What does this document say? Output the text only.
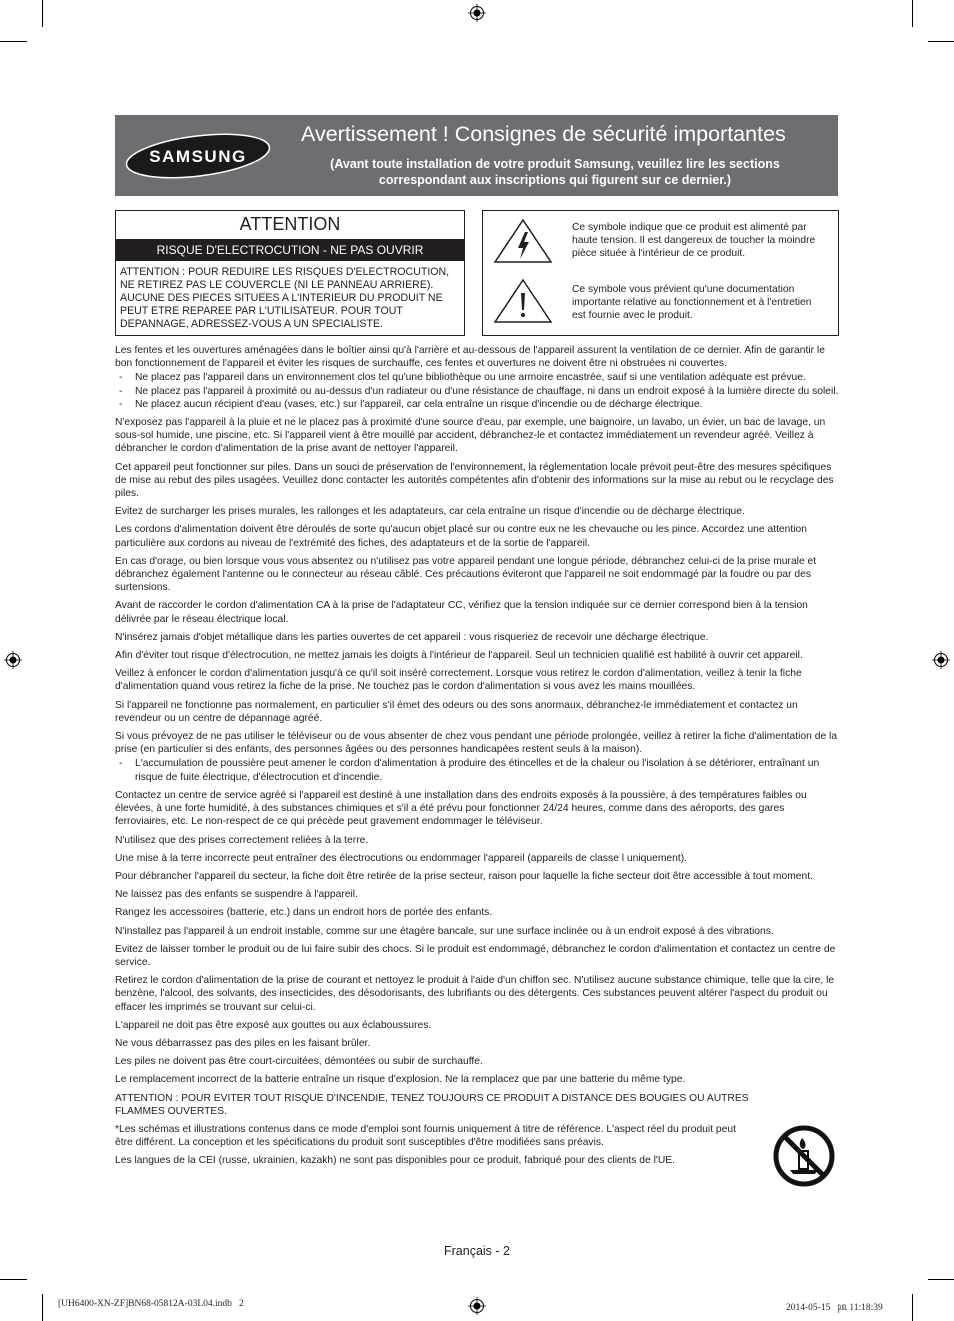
SAMSUNG
Avertissement ! Consignes de sécurité importantes
(Avant toute installation de votre produit Samsung, veuillez lire les sections
correspondant aux inscriptions qui figurent sur ce dernier.)
ATTENTION
RISQUE D'ELECTROCUTION - NE PAS OUVRIR
ATTENTION : POUR REDUIRE LES RISQUES D'ELECTROCUTION, NE RETIREZ PAS LE COUVERCLE (NI LE PANNEAU ARRIERE). AUCUNE DES PIECES SITUEES A L'INTERIEUR DU PRODUIT NE PEUT ETRE REPAREE PAR L'UTILISATEUR. POUR TOUT DEPANNAGE, ADRESSEZ-VOUS A UN SPECIALISTE.
Ce symbole indique que ce produit est alimenté par haute tension. Il est dangereux de toucher la moindre pièce située à l'intérieur de ce produit.
Ce symbole vous prévient qu'une documentation importante relative au fonctionnement et à l'entretien est fournie avec le produit.

Les fentes et les ouvertures aménagées dans le boîtier ainsi qu'à l'arrière et au-dessous de l'appareil assurent la ventilation de ce dernier. Afin de garantir le bon fonctionnement de l'appareil et éviter les risques de surchauffe, ces fentes et ouvertures ne doivent être ni obstruées ni couvertes.

- Ne placez pas l'appareil dans un environnement clos tel qu'une bibliothèque ou une armoire encastrée, sauf si une ventilation adéquate est prévue.
- Ne placez pas l'appareil à proximité ou au-dessus d'un radiateur ou d'une résistance de chauffage, ni dans un endroit exposé à la lumière directe du soleil.
- Ne placez aucun récipient d'eau (vases, etc.) sur l'appareil, car cela entraîne un risque d'incendie ou de décharge électrique.

N'exposez pas l'appareil à la pluie et ne le placez pas à proximité d'une source d'eau, par exemple, une baignoire, un lavabo, un évier, un bac de lavage, un sous-sol humide, une piscine, etc. Si l'appareil vient à être mouillé par accident, débranchez-le et contactez immédiatement un revendeur agréé. Veillez à débrancher le cordon d'alimentation de la prise avant de nettoyer l'appareil.

Cet appareil peut fonctionner sur piles. Dans un souci de préservation de l'environnement, la réglementation locale prévoit peut-être des mesures spécifiques de mise au rebut des piles usagées. Veuillez donc contacter les autorités compétentes afin d'obtenir des informations sur la mise au rebut ou le recyclage des piles.

Evitez de surcharger les prises murales, les rallonges et les adaptateurs, car cela entraîne un risque d'incendie ou de décharge électrique.

Les cordons d'alimentation doivent être déroulés de sorte qu'aucun objet placé sur ou contre eux ne les chevauche ou les pince. Accordez une attention particulière aux cordons au niveau de l'extrémité des fiches, des adaptateurs et de la sortie de l'appareil.

En cas d'orage, ou bien lorsque vous vous absentez ou n'utilisez pas votre appareil pendant une longue période, débranchez celui-ci de la prise murale et débranchez également l'antenne ou le connecteur au réseau câblé. Ces précautions éviteront que l'appareil ne soit endommagé par la foudre ou par des surtensions.

Avant de raccorder le cordon d'alimentation CA à la prise de l'adaptateur CC, vérifiez que la tension indiquée sur ce dernier correspond bien à la tension délivrée par le réseau électrique local.

N'insérez jamais d'objet métallique dans les parties ouvertes de cet appareil : vous risqueriez de recevoir une décharge électrique.

Afin d'éviter tout risque d'électrocution, ne mettez jamais les doigts à l'intérieur de l'appareil. Seul un technicien qualifié est habilité à ouvrir cet appareil.

Veillez à enfoncer le cordon d'alimentation jusqu'à ce qu'il soit inséré correctement. Lorsque vous retirez le cordon d'alimentation, veillez à tenir la fiche d'alimentation quand vous retirez la fiche de la prise. Ne touchez pas le cordon d'alimentation si vous avez les mains mouillées.

Si l'appareil ne fonctionne pas normalement, en particulier s'il émet des odeurs ou des sons anormaux, débranchez-le immédiatement et contactez un revendeur ou un centre de dépannage agréé.

Si vous prévoyez de ne pas utiliser le téléviseur ou de vous absenter de chez vous pendant une période prolongée, veillez à retirer la fiche d'alimentation de la prise (en particulier si des enfants, des personnes âgées ou des personnes handicapées restent seuls à la maison).

- L'accumulation de poussière peut amener le cordon d'alimentation à produire des étincelles et de la chaleur ou l'isolation à se détériorer, entraînant un risque de fuite électrique, d'électrocution et d'incendie.

Contactez un centre de service agréé si l'appareil est destiné à une installation dans des endroits exposés à la poussière, à des températures faibles ou élevées, à une forte humidité, à des substances chimiques et s'il a été prévu pour fonctionner 24/24 heures, comme dans des aéroports, des gares ferroviaires, etc. Le non-respect de ce qui précède peut gravement endommager le téléviseur.

N'utilisez que des prises correctement reliées à la terre.

Une mise à la terre incorrecte peut entraîner des électrocutions ou endommager l'appareil (appareils de classe l uniquement).

Pour débrancher l'appareil du secteur, la fiche doit être retirée de la prise secteur, raison pour laquelle la fiche secteur doit être accessible à tout moment.

Ne laissez pas des enfants se suspendre à l'appareil.

Rangez les accessoires (batterie, etc.) dans un endroit hors de portée des enfants.

N'installez pas l'appareil à un endroit instable, comme sur une étagère bancale, sur une surface inclinée ou à un endroit exposé à des vibrations.

Evitez de laisser tomber le produit ou de lui faire subir des chocs. Si le produit est endommagé, débranchez le cordon d'alimentation et contactez un centre de service.

Retirez le cordon d'alimentation de la prise de courant et nettoyez le produit à l'aide d'un chiffon sec. N'utilisez aucune substance chimique, telle que la cire, le benzène, l'alcool, des solvants, des insecticides, des désodorisants, des lubrifiants ou des détergents. Ces substances peuvent altérer l'aspect du produit ou effacer les imprimés se trouvant sur celui-ci.

L'appareil ne doit pas être exposé aux gouttes ou aux éclaboussures.

Ne vous débarrassez pas des piles en les faisant brûler.

Les piles ne doivent pas être court-circuitées, démontées ou subir de surchauffe.

Le remplacement incorrect de la batterie entraîne un risque d'explosion. Ne la remplacez que par une batterie du même type.

ATTENTION : POUR EVITER TOUT RISQUE D'INCENDIE, TENEZ TOUJOURS CE PRODUIT A DISTANCE DES BOUGIES OU AUTRES FLAMMES OUVERTES.

*Les schémas et illustrations contenus dans ce mode d'emploi sont fournis uniquement à titre de référence. L'aspect réel du produit peut être différent. La conception et les spécifications du produit sont susceptibles d'être modifiées sans préavis.

Les langues de la CEI (russe, ukrainien, kazakh) ne sont pas disponibles pour ce produit, fabriqué pour des clients de l'UE.

Français - 2
[UH6400-XN-ZF]BN68-05812A-03L04.indb   2	2014-05-15   ㏘ 11:18:39
